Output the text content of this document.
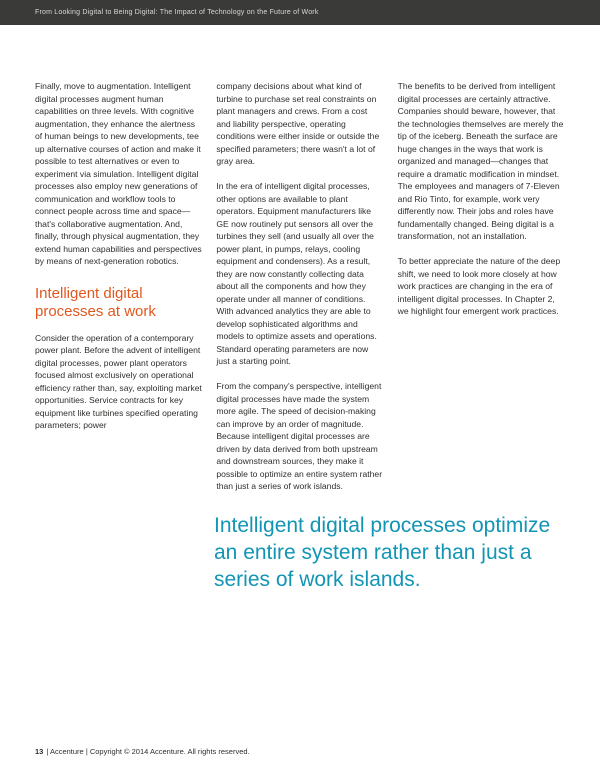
From Looking Digital to Being Digital: The Impact of Technology on the Future of Work

Finally, move to augmentation. Intelligent digital processes augment human capabilities on three levels. With cognitive augmentation, they enhance the alertness of human beings to new developments, tee up alternative courses of action and make it possible to test alternatives or even to experiment via simulation. Intelligent digital processes also employ new generations of communication and workflow tools to connect people across time and space—that's collaborative augmentation. And, finally, through physical augmentation, they extend human capabilities and perspectives by means of next-generation robotics.

Intelligent digital processes at work

Consider the operation of a contemporary power plant. Before the advent of intelligent digital processes, power plant operators focused almost exclusively on operational efficiency rather than, say, exploiting market opportunities. Service contracts for key equipment like turbines specified operating parameters; power

company decisions about what kind of turbine to purchase set real constraints on plant managers and crews. From a cost and liability perspective, operating conditions were either inside or outside the specified parameters; there wasn't a lot of gray area.

In the era of intelligent digital processes, other options are available to plant operators. Equipment manufacturers like GE now routinely put sensors all over the turbines they sell (and usually all over the power plant, in pumps, relays, cooling equipment and condensers). As a result, they are now constantly collecting data about all the components and how they operate under all manner of conditions. With advanced analytics they are able to develop sophisticated algorithms and models to optimize assets and operations. Standard operating parameters are now just a starting point.

From the company's perspective, intelligent digital processes have made the system more agile. The speed of decision-making can improve by an order of magnitude. Because intelligent digital processes are driven by data derived from both upstream and downstream sources, they make it possible to optimize an entire system rather than just a series of work islands.

The benefits to be derived from intelligent digital processes are certainly attractive. Companies should beware, however, that the technologies themselves are merely the tip of the iceberg. Beneath the surface are huge changes in the ways that work is organized and managed—changes that require a dramatic modification in mindset. The employees and managers of 7-Eleven and Rio Tinto, for example, work very differently now. Their jobs and roles have fundamentally changed. Being digital is a transformation, not an installation.

To better appreciate the nature of the deep shift, we need to look more closely at how work practices are changing in the era of intelligent digital processes. In Chapter 2, we highlight four emergent work practices.

Intelligent digital processes optimize an entire system rather than just a series of work islands.
13 | Accenture | Copyright © 2014 Accenture. All rights reserved.
